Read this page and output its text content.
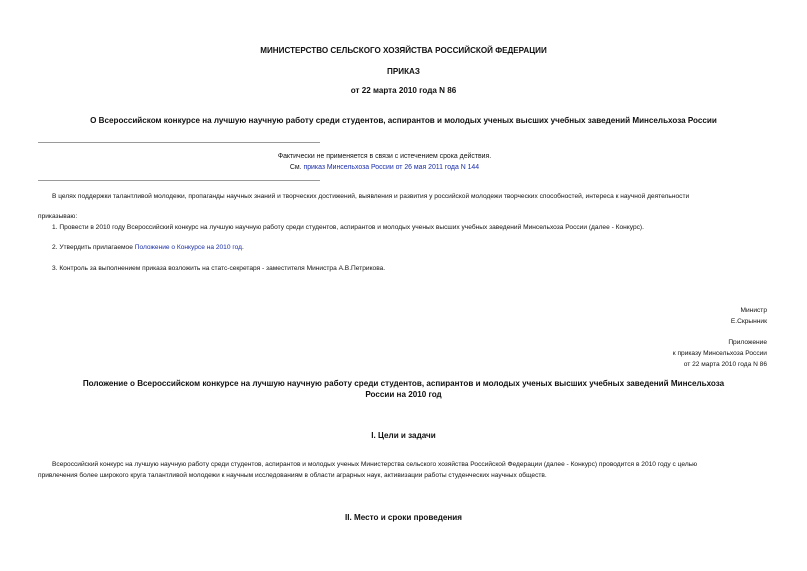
МИНИСТЕРСТВО СЕЛЬСКОГО ХОЗЯЙСТВА РОССИЙСКОЙ ФЕДЕРАЦИИ
ПРИКАЗ
от 22 марта 2010 года N 86
О Всероссийском конкурсе на лучшую научную работу среди студентов, аспирантов и молодых ученых высших учебных заведений Минсельхоза России
Фактически не применяется в связи с истечением срока действия.
См. приказ Минсельхоза России от 26 мая 2011 года N 144
В целях поддержки талантливой молодежи, пропаганды научных знаний и творческих достижений, выявления и развития у российской молодежи творческих способностей, интереса к научной деятельности
приказываю:
1. Провести в 2010 году Всероссийский конкурс на лучшую научную работу среди студентов, аспирантов и молодых ученых высших учебных заведений Минсельхоза России (далее - Конкурс).
2. Утвердить прилагаемое Положение о Конкурсе на 2010 год.
3. Контроль за выполнением приказа возложить на статс-секретаря - заместителя Министра А.В.Петрикова.
Министр
Е.Скрынник
Приложение
к приказу Минсельхоза России
от 22 марта 2010 года N 86
Положение о Всероссийском конкурсе на лучшую научную работу среди студентов, аспирантов и молодых ученых высших учебных заведений Минсельхоза
России на 2010 год
I. Цели и задачи
Всероссийский конкурс на лучшую научную работу среди студентов, аспирантов и молодых ученых Министерства сельского хозяйства Российской Федерации (далее - Конкурс) проводится в 2010 году с целью
привлечения более широкого круга талантливой молодежи к научным исследованиям в области аграрных наук, активизации работы студенческих научных обществ.
II. Место и сроки проведения
